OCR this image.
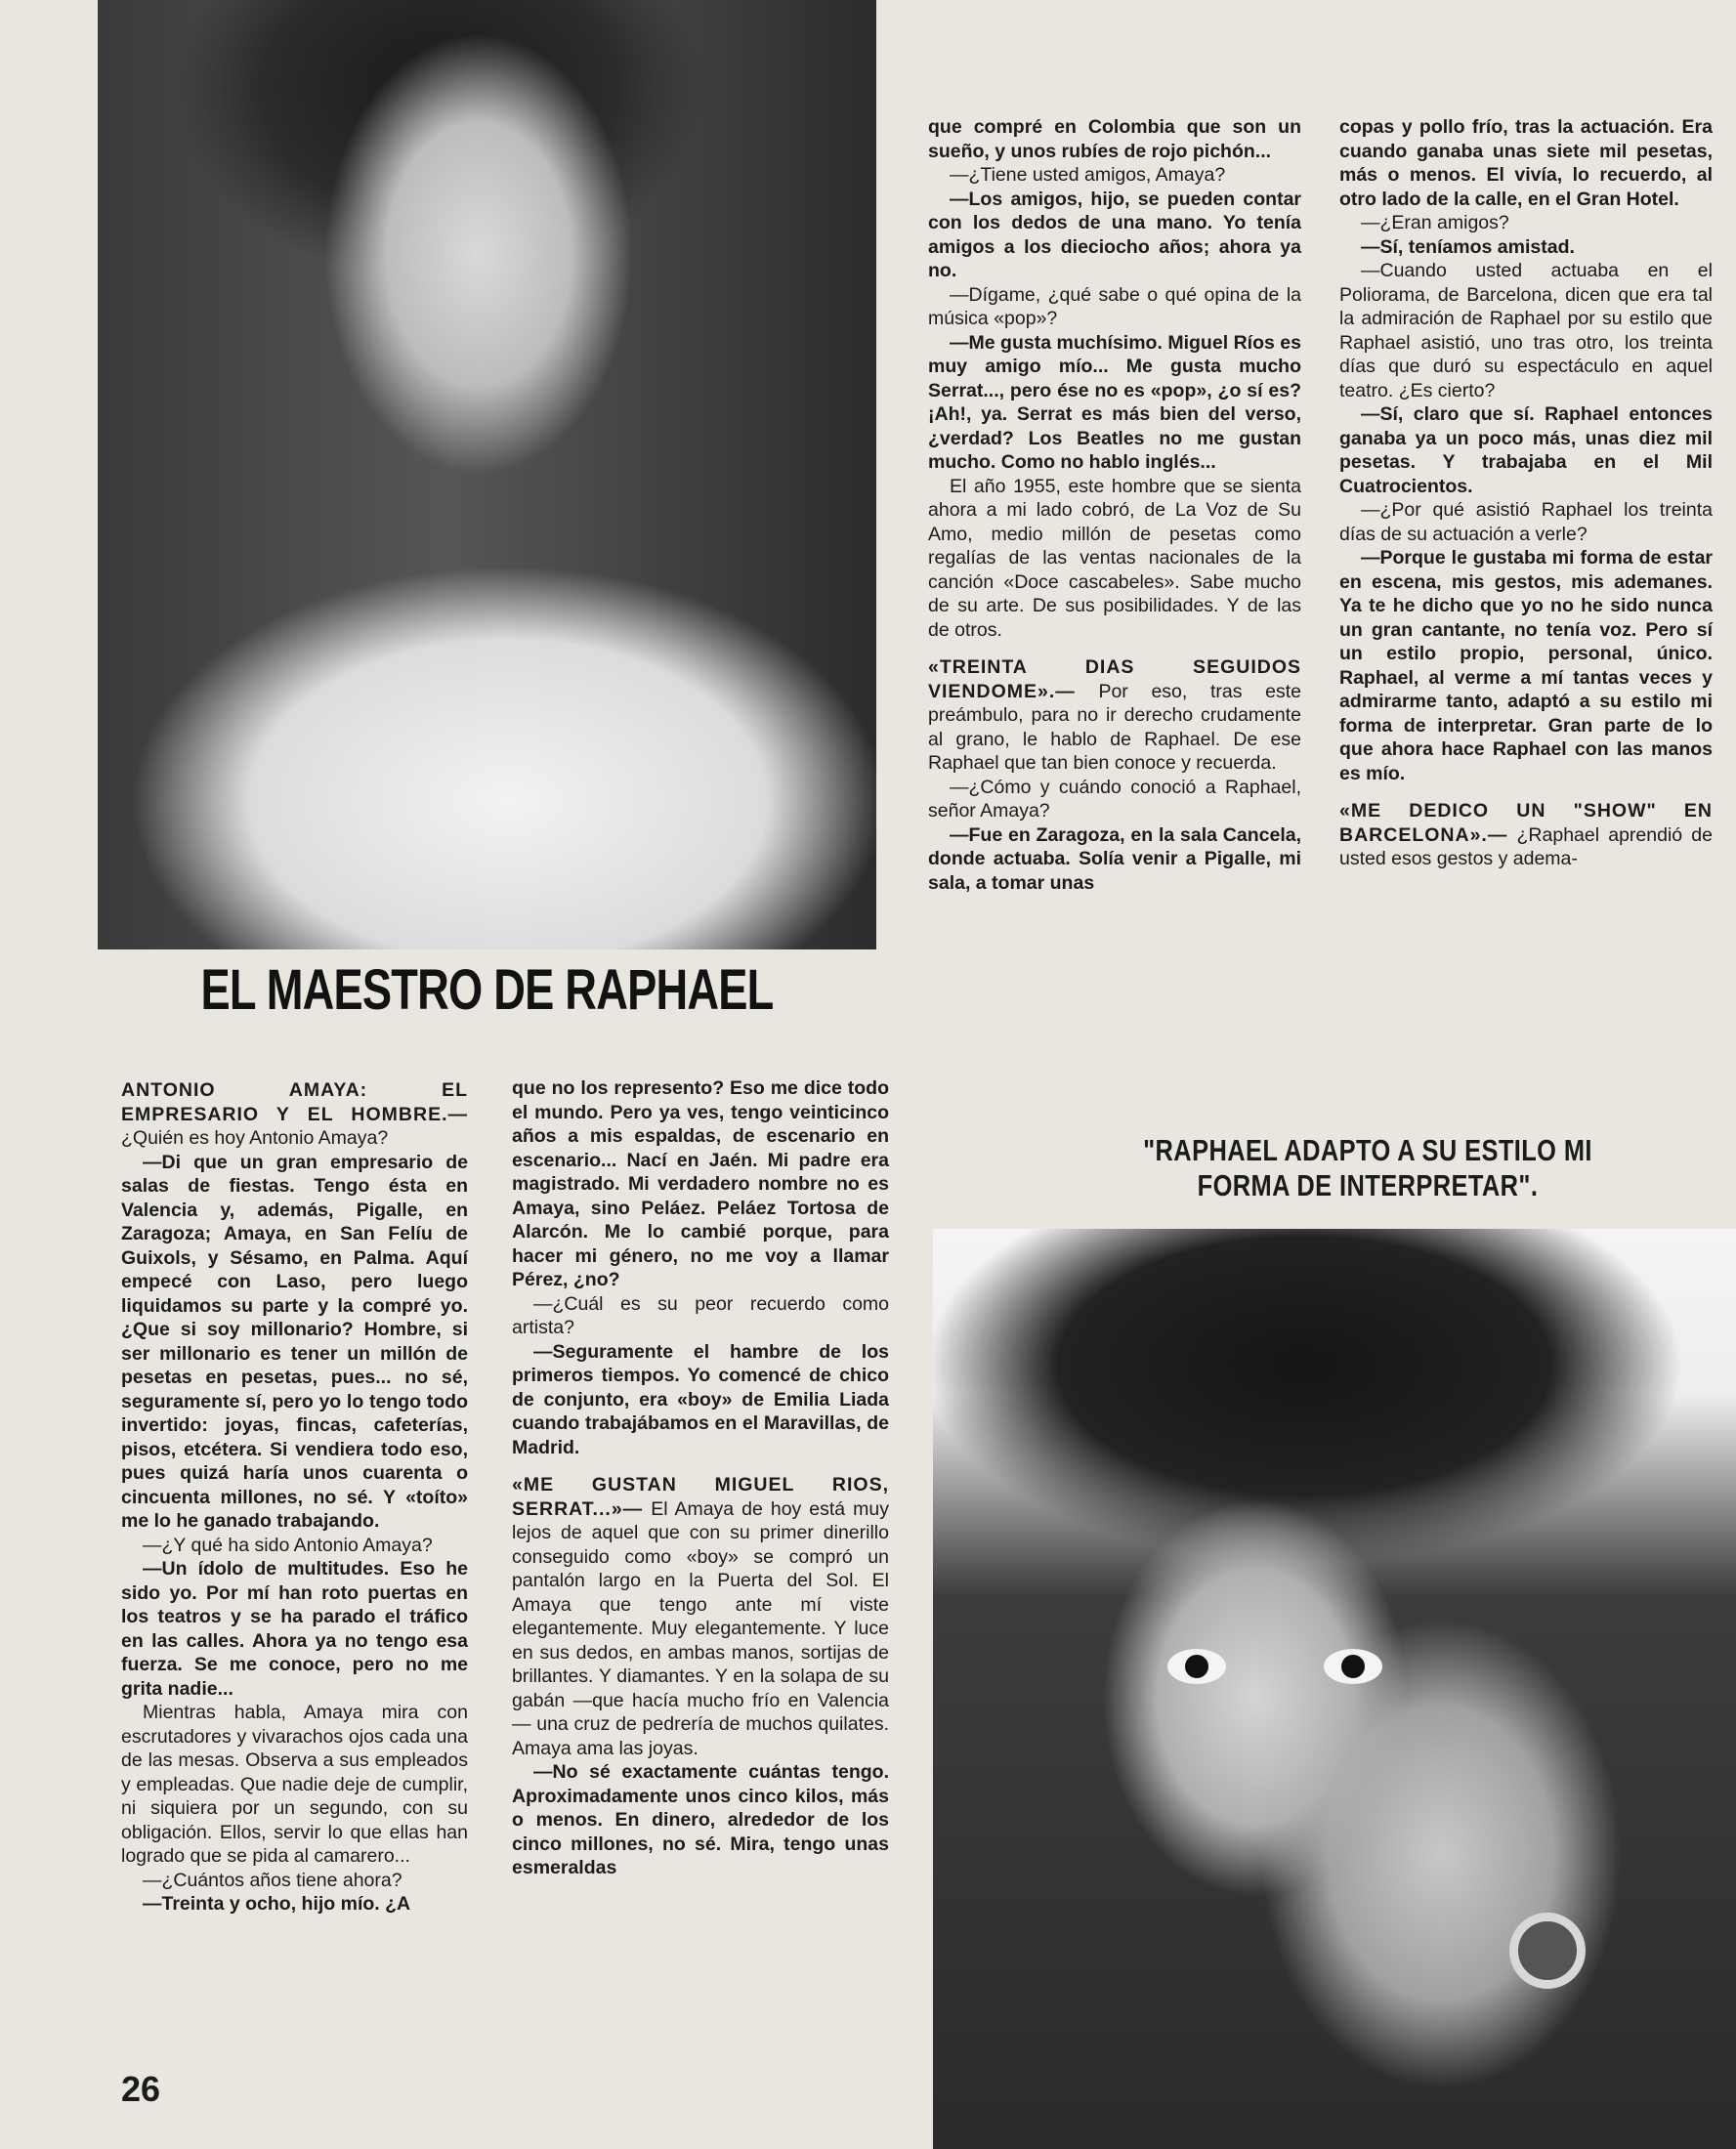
EL MAESTRO DE RAPHAEL

ANTONIO AMAYA: EL EMPRESARIO Y EL HOMBRE.— ¿Quién es hoy Antonio Amaya?

—Di que un gran empresario de salas de fiestas. Tengo ésta en Valencia y, además, Pigalle, en Zaragoza; Amaya, en San Felíu de Guixols, y Sésamo, en Palma. Aquí empecé con Laso, pero luego liquidamos su parte y la compré yo. ¿Que si soy millonario? Hombre, si ser millonario es tener un millón de pesetas en pesetas, pues... no sé, seguramente sí, pero yo lo tengo todo invertido: joyas, fincas, cafeterías, pisos, etcétera. Si vendiera todo eso, pues quizá haría unos cuarenta o cincuenta millones, no sé. Y «toíto» me lo he ganado trabajando.

—¿Y qué ha sido Antonio Amaya?

—Un ídolo de multitudes. Eso he sido yo. Por mí han roto puertas en los teatros y se ha parado el tráfico en las calles. Ahora ya no tengo esa fuerza. Se me conoce, pero no me grita nadie...

Mientras habla, Amaya mira con escrutadores y vivarachos ojos cada una de las mesas. Observa a sus empleados y empleadas. Que nadie deje de cumplir, ni siquiera por un segundo, con su obligación. Ellos, servir lo que ellas han logrado que se pida al camarero...

—¿Cuántos años tiene ahora?

—Treinta y ocho, hijo mío. ¿A

que no los represento? Eso me dice todo el mundo. Pero ya ves, tengo veinticinco años a mis espaldas, de escenario en escenario... Nací en Jaén. Mi padre era magistrado. Mi verdadero nombre no es Amaya, sino Peláez. Peláez Tortosa de Alarcón. Me lo cambié porque, para hacer mi género, no me voy a llamar Pérez, ¿no?

—¿Cuál es su peor recuerdo como artista?

—Seguramente el hambre de los primeros tiempos. Yo comencé de chico de conjunto, era «boy» de Emilia Liada cuando trabajábamos en el Maravillas, de Madrid.

«ME GUSTAN MIGUEL RIOS, SERRAT...»— El Amaya de hoy está muy lejos de aquel que con su primer dinerillo conseguido como «boy» se compró un pantalón largo en la Puerta del Sol. El Amaya que tengo ante mí viste elegantemente. Muy elegantemente. Y luce en sus dedos, en ambas manos, sortijas de brillantes. Y diamantes. Y en la solapa de su gabán —que hacía mucho frío en Valencia— una cruz de pedrería de muchos quilates. Amaya ama las joyas.

—No sé exactamente cuántas tengo. Aproximadamente unos cinco kilos, más o menos. En dinero, alrededor de los cinco millones, no sé. Mira, tengo unas esmeraldas

que compré en Colombia que son un sueño, y unos rubíes de rojo pichón...

—¿Tiene usted amigos, Amaya?

—Los amigos, hijo, se pueden contar con los dedos de una mano. Yo tenía amigos a los dieciocho años; ahora ya no.

—Dígame, ¿qué sabe o qué opina de la música «pop»?

—Me gusta muchísimo. Miguel Ríos es muy amigo mío... Me gusta mucho Serrat..., pero ése no es «pop», ¿o sí es? ¡Ah!, ya. Serrat es más bien del verso, ¿verdad? Los Beatles no me gustan mucho. Como no hablo inglés...

El año 1955, este hombre que se sienta ahora a mi lado cobró, de La Voz de Su Amo, medio millón de pesetas como regalías de las ventas nacionales de la canción «Doce cascabeles». Sabe mucho de su arte. De sus posibilidades. Y de las de otros.

«TREINTA DIAS SEGUIDOS VIENDOME».— Por eso, tras este preámbulo, para no ir derecho crudamente al grano, le hablo de Raphael. De ese Raphael que tan bien conoce y recuerda.

—¿Cómo y cuándo conoció a Raphael, señor Amaya?

—Fue en Zaragoza, en la sala Cancela, donde actuaba. Solía venir a Pigalle, mi sala, a tomar unas

copas y pollo frío, tras la actuación. Era cuando ganaba unas siete mil pesetas, más o menos. El vivía, lo recuerdo, al otro lado de la calle, en el Gran Hotel.

—¿Eran amigos?

—Sí, teníamos amistad.

—Cuando usted actuaba en el Poliorama, de Barcelona, dicen que era tal la admiración de Raphael por su estilo que Raphael asistió, uno tras otro, los treinta días que duró su espectáculo en aquel teatro. ¿Es cierto?

—Sí, claro que sí. Raphael entonces ganaba ya un poco más, unas diez mil pesetas. Y trabajaba en el Mil Cuatrocientos.

—¿Por qué asistió Raphael los treinta días de su actuación a verle?

—Porque le gustaba mi forma de estar en escena, mis gestos, mis ademanes. Ya te he dicho que yo no he sido nunca un gran cantante, no tenía voz. Pero sí un estilo propio, personal, único. Raphael, al verme a mí tantas veces y admirarme tanto, adaptó a su estilo mi forma de interpretar. Gran parte de lo que ahora hace Raphael con las manos es mío.

«ME DEDICO UN "SHOW" EN BARCELONA».— ¿Raphael aprendió de usted esos gestos y adema-

"RAPHAEL ADAPTO A SU ESTILO MI FORMA DE INTERPRETAR".
26
